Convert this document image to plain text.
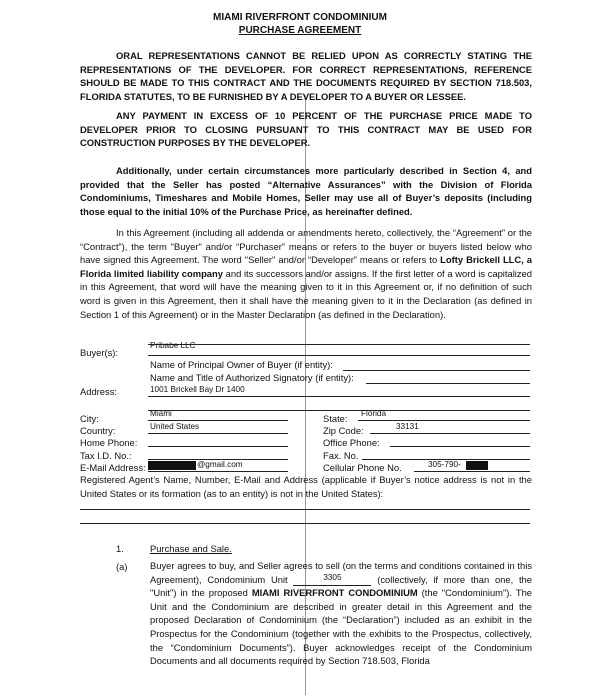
MIAMI RIVERFRONT CONDOMINIUM
PURCHASE AGREEMENT
ORAL REPRESENTATIONS CANNOT BE RELIED UPON AS CORRECTLY STATING THE REPRESENTATIONS OF THE DEVELOPER. FOR CORRECT REPRESENTATIONS, REFERENCE SHOULD BE MADE TO THIS CONTRACT AND THE DOCUMENTS REQUIRED BY SECTION 718.503, FLORIDA STATUTES, TO BE FURNISHED BY A DEVELOPER TO A BUYER OR LESSEE.
ANY PAYMENT IN EXCESS OF 10 PERCENT OF THE PURCHASE PRICE MADE TO DEVELOPER PRIOR TO CLOSING PURSUANT TO THIS CONTRACT MAY BE USED FOR CONSTRUCTION PURPOSES BY THE DEVELOPER.
Additionally, under certain circumstances more particularly described in Section 4, and provided that the Seller has posted “Alternative Assurances” with the Division of Florida Condominiums, Timeshares and Mobile Homes, Seller may use all of Buyer’s deposits (including those equal to the initial 10% of the Purchase Price, as hereinafter defined.
In this Agreement (including all addenda or amendments hereto, collectively, the “Agreement” or the “Contract”), the term "Buyer" and/or “Purchaser” means or refers to the buyer or buyers listed below who have signed this Agreement. The word "Seller" and/or “Developer” means or refers to Lofty Brickell LLC, a Florida limited liability company and its successors and/or assigns. If the first letter of a word is capitalized in this Agreement, that word will have the meaning given to it in this Agreement or, if no definition of such word is given in this Agreement, then it shall have the meaning given to it in the Declaration (as defined in Section 1 of this Agreement) or in the Master Declaration (as defined in the Declaration).
Buyer(s):
Pribabe LLC
Name of Principal Owner of Buyer (if entity):
Name and Title of Authorized Signatory (if entity):
Address:	1001 Brickell Bay Dr 1400
City:	Miami	State: Florida
Country:	United States	Zip Code:	33131
Home Phone:	Office Phone:
Tax I.D. No.:	Fax. No.
E-Mail Address:	@gmail.com	Cellular Phone No.	305-790-
Registered Agent’s Name, Number, E-Mail and Address (applicable if Buyer’s notice address is not in the United States or its formation (as to an entity) is not in the United States):
1.	Purchase and Sale.
(a) Buyer agrees to buy, and Seller agrees to sell (on the terms and conditions contained in this Agreement), Condominium Unit	3305	(collectively, if more than one, the "Unit") in the proposed MIAMI RIVERFRONT CONDOMINIUM (the "Condominium"). The Unit and the Condominium are described in greater detail in this Agreement and the proposed Declaration of Condominium (the “Declaration”) included as an exhibit in the Prospectus for the Condominium (together with the exhibits to the Prospectus, collectively, the “Condominium Documents”). Buyer acknowledges receipt of the Condominium Documents and all documents required by Section 718.503, Florida
